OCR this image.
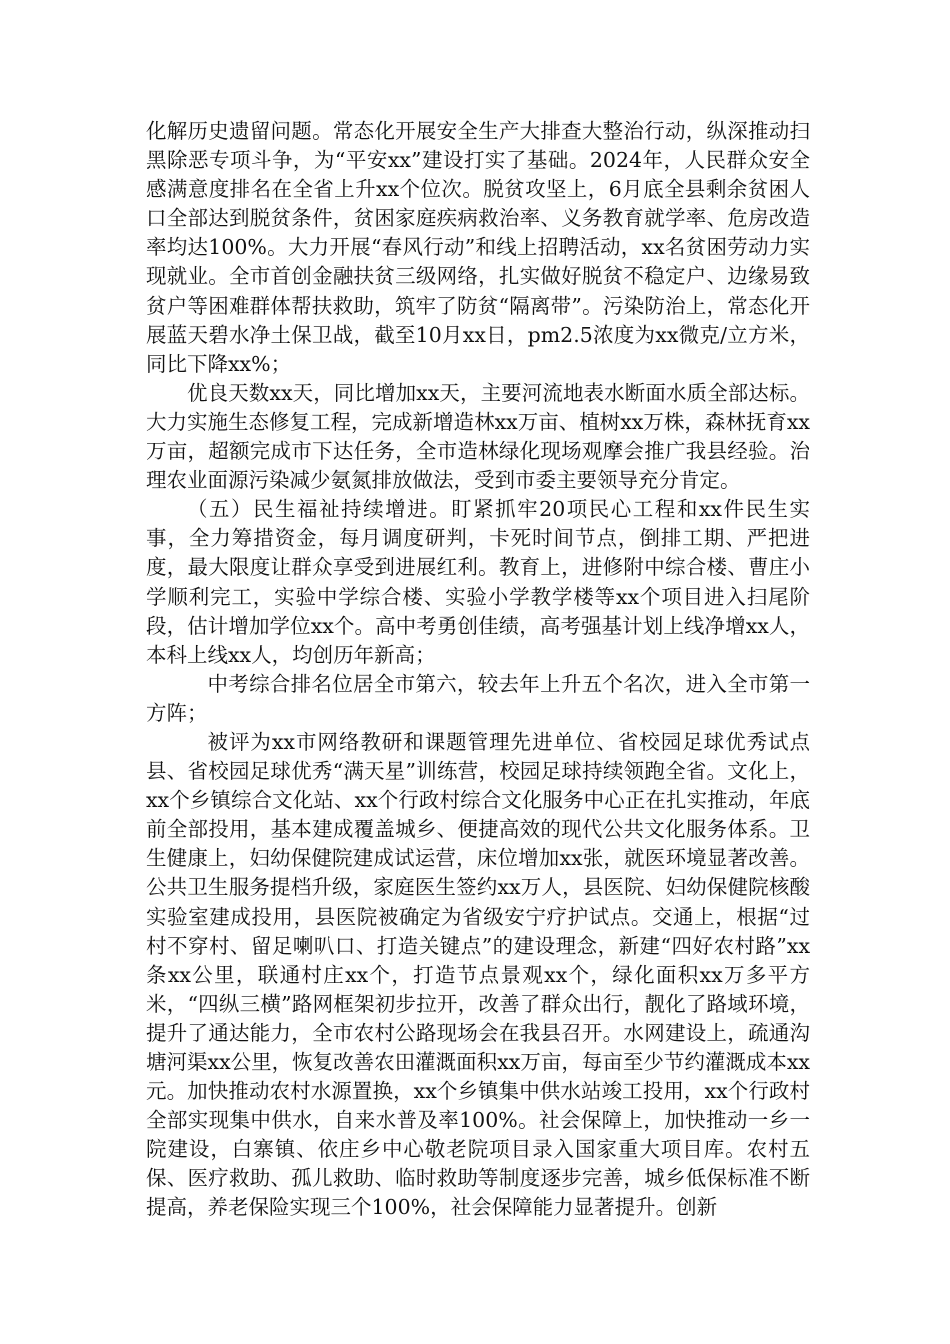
化解历史遗留问题。常态化开展安全生产大排查大整治行动，纵深推动扫黑除恶专项斗争，为“平安xx”建设打实了基础。2024年，人民群众安全感满意度排名在全省上升xx个位次。脱贫攻坚上，6月底全县剩余贫困人口全部达到脱贫条件，贫困家庭疾病救治率、义务教育就学率、危房改造率均达100%。大力开展“春风行动”和线上招聘活动，xx名贫困劳动力实现就业。全市首创金融扶贫三级网络，扎实做好脱贫不稳定户、边缘易致贫户等困难群体帮扶救助，筑牢了防贫“隔离带”。污染防治上，常态化开展蓝天碧水净土保卫战，截至10月xx日，pm2.5浓度为xx微克/立方米，同比下降xx%；

优良天数xx天，同比增加xx天，主要河流地表水断面水质全部达标。大力实施生态修复工程，完成新增造林xx万亩、植树xx万株，森林抚育xx万亩，超额完成市下达任务，全市造林绿化现场观摩会推广我县经验。治理农业面源污染减少氨氮排放做法，受到市委主要领导充分肯定。

（五）民生福祉持续增进。盯紧抓牢20项民心工程和xx件民生实事，全力筹措资金，每月调度研判，卡死时间节点，倒排工期、严把进度，最大限度让群众享受到进展红利。教育上，进修附中综合楼、曹庄小学顺利完工，实验中学综合楼、实验小学教学楼等xx个项目进入扫尾阶段，估计增加学位xx个。高中考勇创佳绩，高考强基计划上线净增xx人，本科上线xx人，均创历年新高；

中考综合排名位居全市第六，较去年上升五个名次，进入全市第一方阵；

被评为xx市网络教研和课题管理先进单位、省校园足球优秀试点县、省校园足球优秀“满天星”训练营，校园足球持续领跑全省。文化上，xx个乡镇综合文化站、xx个行政村综合文化服务中心正在扎实推动，年底前全部投用，基本建成覆盖城乡、便捷高效的现代公共文化服务体系。卫生健康上，妇幼保健院建成试运营，床位增加xx张，就医环境显著改善。公共卫生服务提档升级，家庭医生签约xx万人，县医院、妇幼保健院核酸实验室建成投用，县医院被确定为省级安宁疗护试点。交通上，根据“过村不穿村、留足喇叭口、打造关键点”的建设理念，新建“四好农村路”xx条xx公里，联通村庄xx个，打造节点景观xx个，绿化面积xx万多平方米，“四纵三横”路网框架初步拉开，改善了群众出行，靓化了路域环境，提升了通达能力，全市农村公路现场会在我县召开。水网建设上，疏通沟塘河渠xx公里，恢复改善农田灌溉面积xx万亩，每亩至少节约灌溉成本xx元。加快推动农村水源置换，xx个乡镇集中供水站竣工投用，xx个行政村全部实现集中供水，自来水普及率100%。社会保障上，加快推动一乡一院建设，白寨镇、依庄乡中心敬老院项目录入国家重大项目库。农村五保、医疗救助、孤儿救助、临时救助等制度逐步完善，城乡低保标准不断提高，养老保险实现三个100%，社会保障能力显著提升。创新
